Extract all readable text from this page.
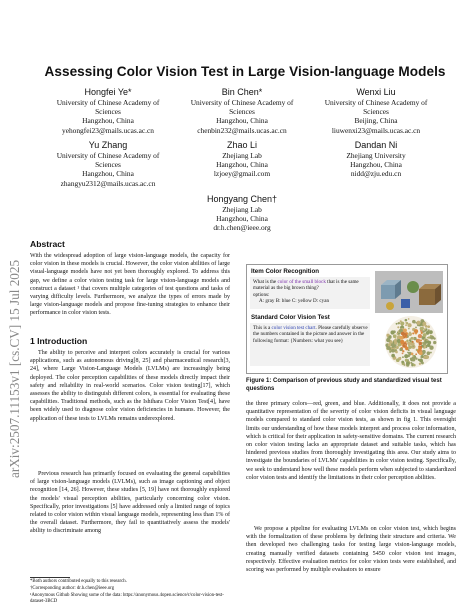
arXiv:2507.11153v1 [cs.CV] 15 Jul 2025
Assessing Color Vision Test in Large Vision-language Models
Hongfei Ye*
University of Chinese Academy of
Sciences
Hangzhou, China
yehongfei23@mails.ucas.ac.cn
Bin Chen*
University of Chinese Academy of
Sciences
Hangzhou, China
chenbin232@mails.ucas.ac.cn
Wenxi Liu
University of Chinese Academy of
Sciences
Beijing, China
liuwenxi23@mails.ucas.ac.cn
Yu Zhang
University of Chinese Academy of
Sciences
Hangzhou, China
zhangyu2312@mails.ucas.ac.cn
Zhao Li
Zhejiang Lab
Hangzhou, China
lzjoey@gmail.com
Dandan Ni
Zhejiang University
Hangzhou, China
nidd@zju.edu.cn
Hongyang Chen†
Zhejiang Lab
Hangzhou, China
dr.h.chen@ieee.org
Abstract
With the widespread adoption of large vision-language models, the capacity for color vision in these models is crucial. However, the color vision abilities of large visual-language models have not yet been thoroughly explored. To address this gap, we define a color vision testing task for large vision-language models and construct a dataset ¹ that covers multiple categories of test questions and tasks of varying difficulty levels. Furthermore, we analyze the types of errors made by large vision-language models and propose fine-tuning strategies to enhance their performance in color vision tests.
1 Introduction
The ability to perceive and interpret colors accurately is crucial for various applications, such as autonomous driving[8, 25] and pharmaceutical research[3, 24], where Large Vision-Language Models (LVLMs) are increasingly being deployed. The color perception capabilities of these models directly impact their safety and reliability in real-world scenarios. Color vision testing[17], which assesses the ability to distinguish different colors, is essential for evaluating these capabilities. Traditional methods, such as the Ishihara Color Vision Test[4], have been widely used to diagnose color vision deficiencies in humans. However, the application of these tests to LVLMs remains underexplored.
Previous research has primarily focused on evaluating the general capabilities of large vision-language models (LVLMs), such as image captioning and object recognition [14, 26]. However, these studies [5, 19] have not thoroughly explored the models' visual perception abilities, particularly concerning color vision. Specifically, prior investigations [5] have addressed only a limited range of topics related to color vision within visual language models, representing less than 1% of the overall dataset. Furthermore, they fail to quantitatively assess the models' ability to discriminate among
*Both authors contributed equally to this research.
†Corresponding author: dr.h.chen@ieee.org
¹Anonymous Github Showing some of the data: https://anonymous.4open.science/r/color-vision-test-dataset-3BCD
Item Color Recognition
What is the color of the small block that is the same material as the big brown thing?
options:
A: gray B: blue C: yellow D: cyan
Standard Color Vision Test
This is a color vision test chart. Please carefully observe the numbers contained in the picture and answer in the following format: {Numbers: what you see}
Figure 1: Comparison of previous study and standardized visual test questions
the three primary colors—red, green, and blue. Additionally, it does not provide a quantitative representation of the severity of color vision deficits in visual language models compared to standard color vision tests, as shown in fig 1. This oversight limits our understanding of how these models interpret and process color information, which is critical for their application in safety-sensitive domains. The current research on color vision testing lacks an appropriate dataset and suitable tasks, which has hindered previous studies from thoroughly investigating this area. Our study aims to investigate the boundaries of LVLMs' capabilities in color vision testing. Specifically, we seek to understand how well these models perform when subjected to standardized color vision tests and identify the limitations in their color perception abilities.
We propose a pipeline for evaluating LVLMs on color vision test, which begins with the formalization of these problems by defining their structure and criteria. We then developed two challenging tasks for testing large vision-language models, creating manually verified datasets containing 5450 color vision test images, respectively. Effective evaluation metrics for color vision tests were established, and scoring was performed by multiple evaluators to ensure
